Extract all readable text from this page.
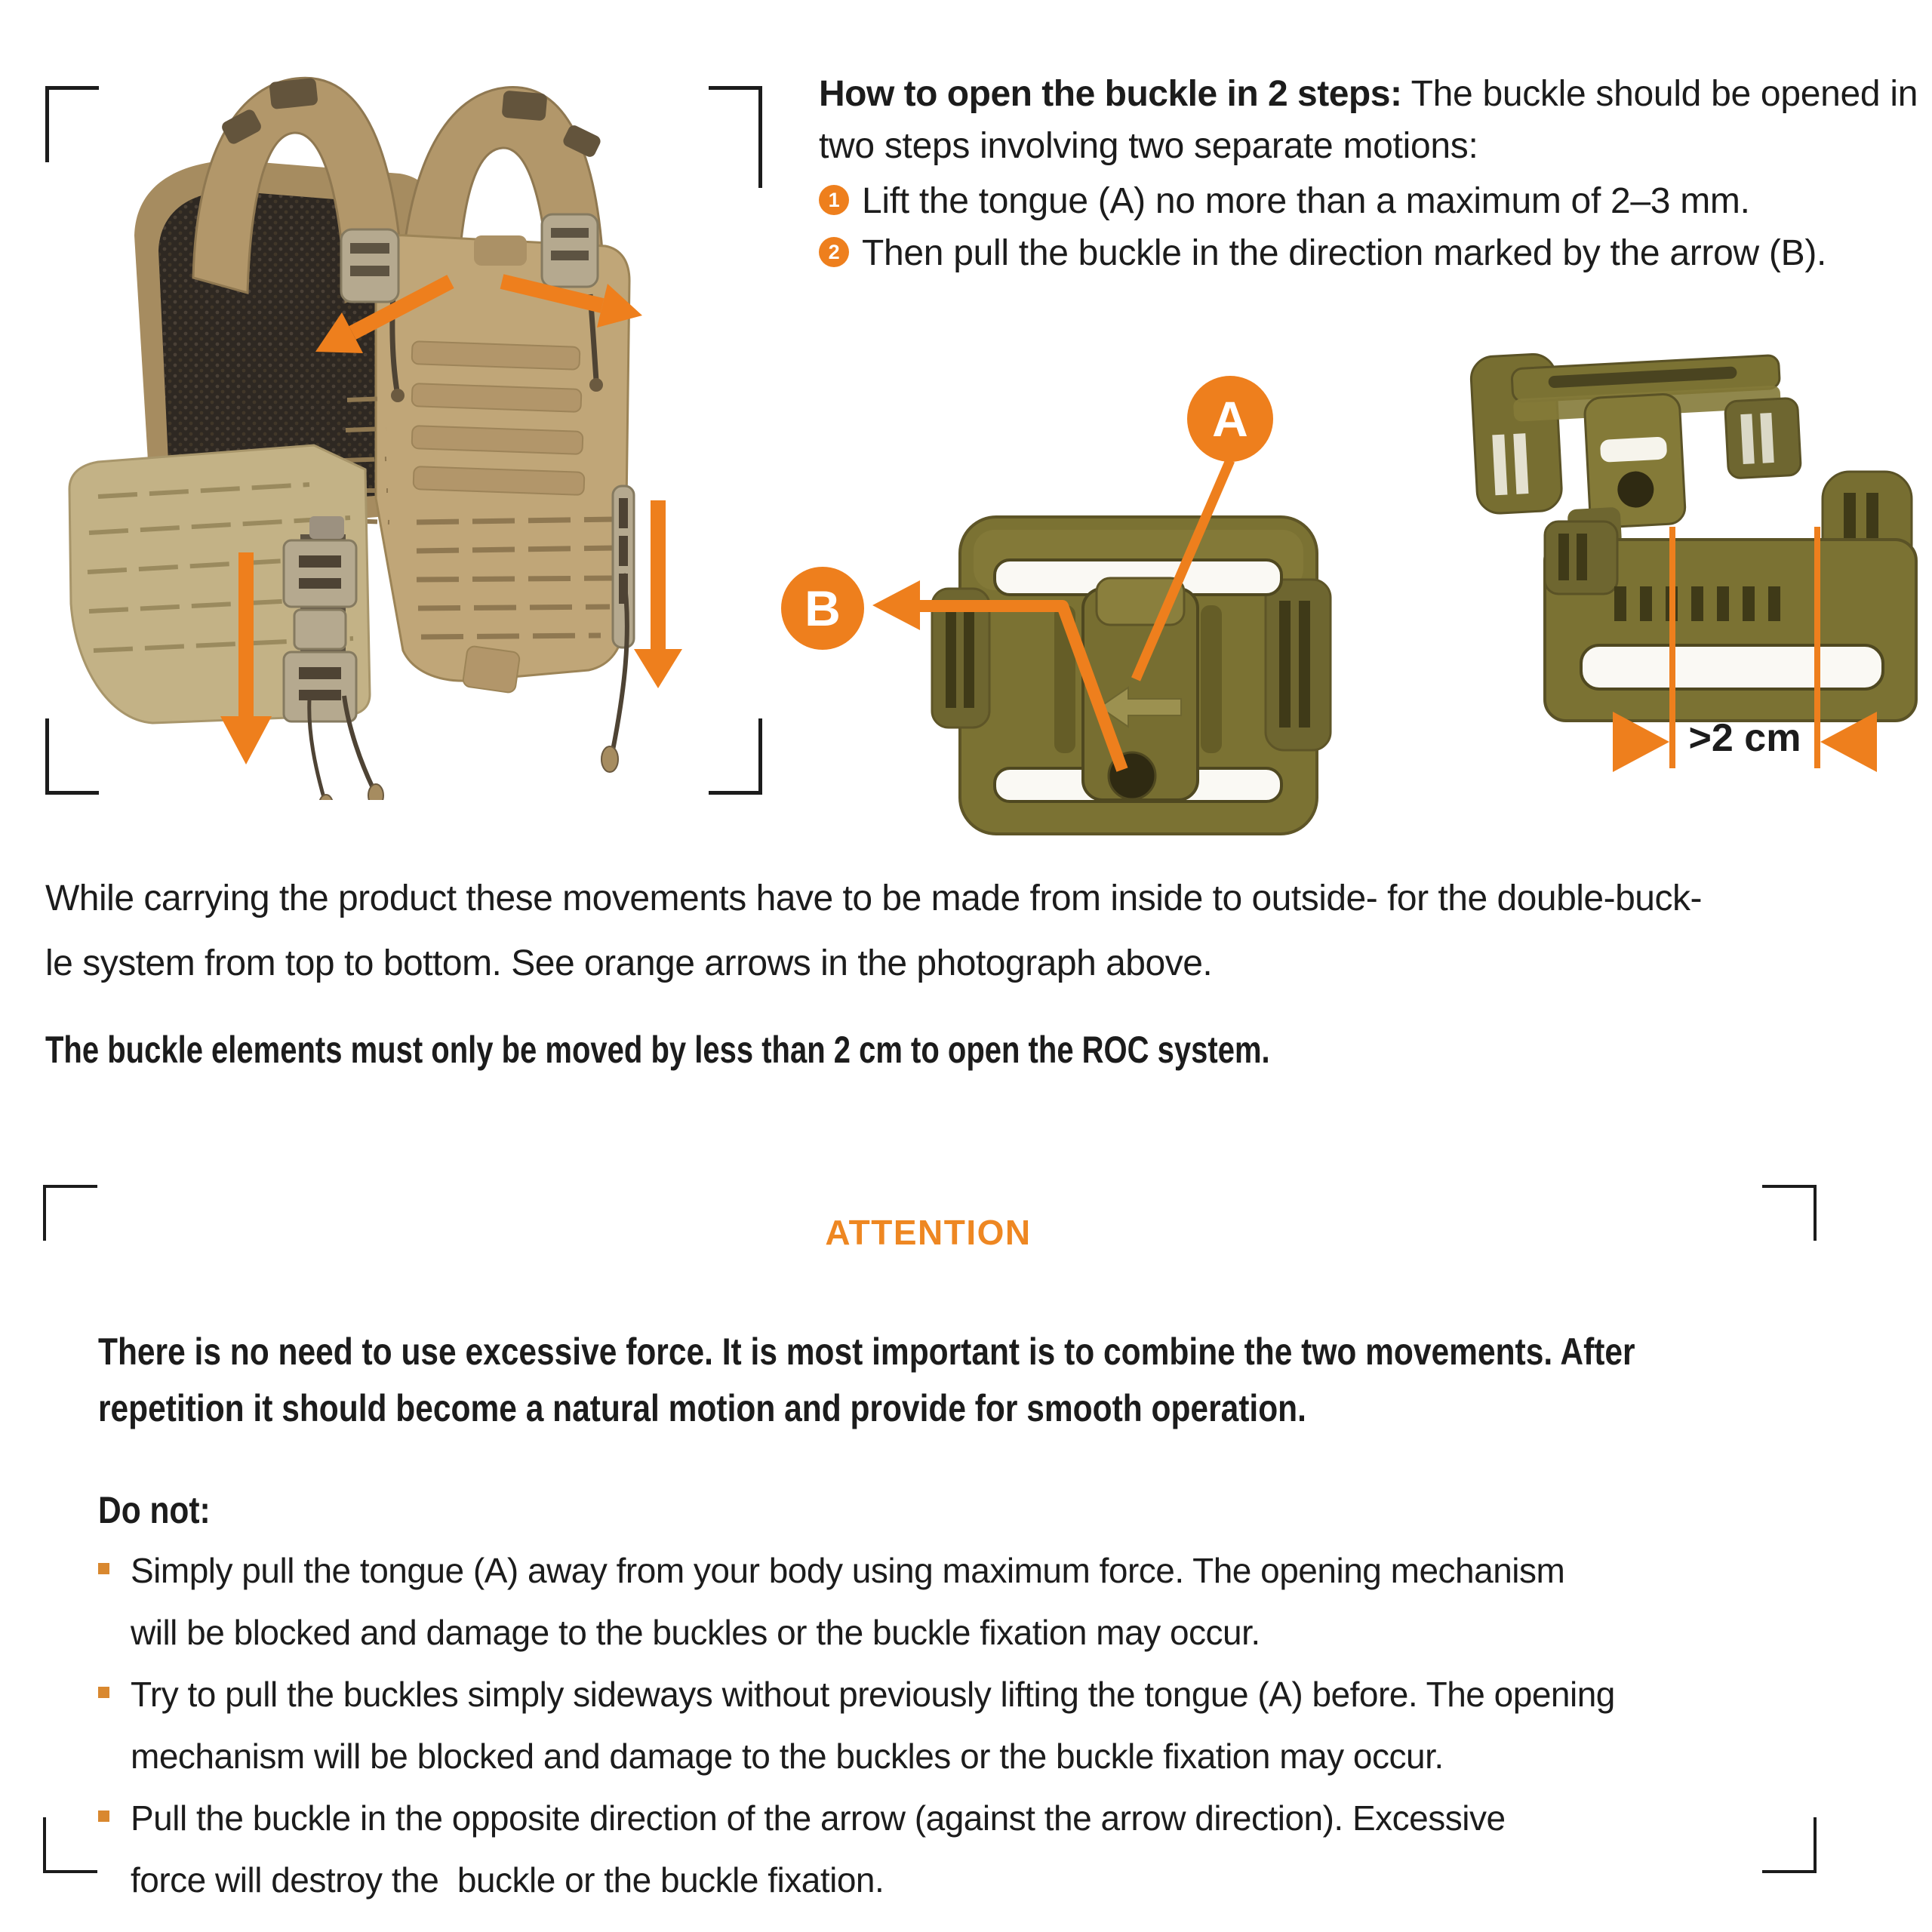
How to open the buckle in 2 steps: The buckle should be opened in two steps involving two separate motions:
1 Lift the tongue (A) no more than a maximum of 2–3 mm.
2 Then pull the buckle in the direction marked by the arrow (B).
A
B
>2 cm
While carrying the product these movements have to be made from inside to outside- for the double-buck-
le system from top to bottom. See orange arrows in the photograph above.
The buckle elements must only be moved by less than 2 cm to open the ROC system.
ATTENTION
There is no need to use excessive force. It is most important is to combine the two movements. After
repetition it should become a natural motion and provide for smooth operation.
Do not:
Simply pull the tongue (A) away from your body using maximum force. The opening mechanism
will be blocked and damage to the buckles or the buckle fixation may occur.
Try to pull the buckles simply sideways without previously lifting the tongue (A) before. The opening
mechanism will be blocked and damage to the buckles or the buckle fixation may occur.
Pull the buckle in the opposite direction of the arrow (against the arrow direction). Excessive
force will destroy the  buckle or the buckle fixation.
